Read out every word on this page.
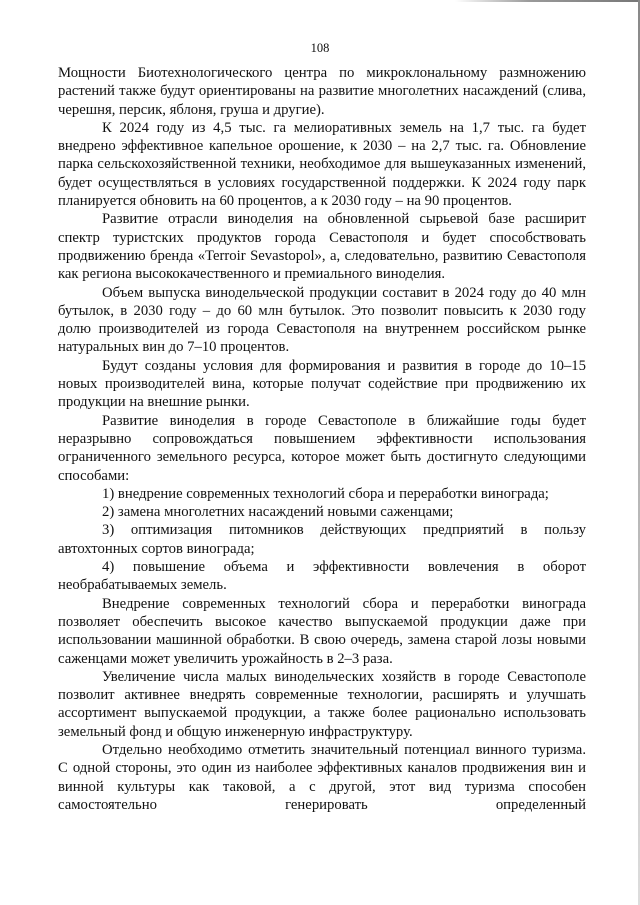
108

Мощности Биотехнологического центра по микроклональному размножению растений также будут ориентированы на развитие многолетних насаждений (слива, черешня, персик, яблоня, груша и другие).

К 2024 году из 4,5 тыс. га мелиоративных земель на 1,7 тыс. га будет внедрено эффективное капельное орошение, к 2030 – на 2,7 тыс. га. Обновление парка сельскохозяйственной техники, необходимое для вышеуказанных изменений, будет осуществляться в условиях государственной поддержки. К 2024 году парк планируется обновить на 60 процентов, а к 2030 году – на 90 процентов.

Развитие отрасли виноделия на обновленной сырьевой базе расширит спектр туристских продуктов города Севастополя и будет способствовать продвижению бренда «Terroir Sevastopol», а, следовательно, развитию Севастополя как региона высококачественного и премиального виноделия.

Объем выпуска винодельческой продукции составит в 2024 году до 40 млн бутылок, в 2030 году – до 60 млн бутылок. Это позволит повысить к 2030 году долю производителей из города Севастополя на внутреннем российском рынке натуральных вин до 7–10 процентов.

Будут созданы условия для формирования и развития в городе до 10–15 новых производителей вина, которые получат содействие при продвижению их продукции на внешние рынки.

Развитие виноделия в городе Севастополе в ближайшие годы будет неразрывно сопровождаться повышением эффективности использования ограниченного земельного ресурса, которое может быть достигнуто следующими способами:

1) внедрение современных технологий сбора и переработки винограда;

2) замена многолетних насаждений новыми саженцами;

3) оптимизация питомников действующих предприятий в пользу автохтонных сортов винограда;

4) повышение объема и эффективности вовлечения в оборот необрабатываемых земель.

Внедрение современных технологий сбора и переработки винограда позволяет обеспечить высокое качество выпускаемой продукции даже при использовании машинной обработки. В свою очередь, замена старой лозы новыми саженцами может увеличить урожайность в 2–3 раза.

Увеличение числа малых винодельческих хозяйств в городе Севастополе позволит активнее внедрять современные технологии, расширять и улучшать ассортимент выпускаемой продукции, а также более рационально использовать земельный фонд и общую инженерную инфраструктуру.

Отдельно необходимо отметить значительный потенциал винного туризма. С одной стороны, это один из наиболее эффективных каналов продвижения вин и винной культуры как таковой, а с другой, этот вид туризма способен самостоятельно генерировать определенный
